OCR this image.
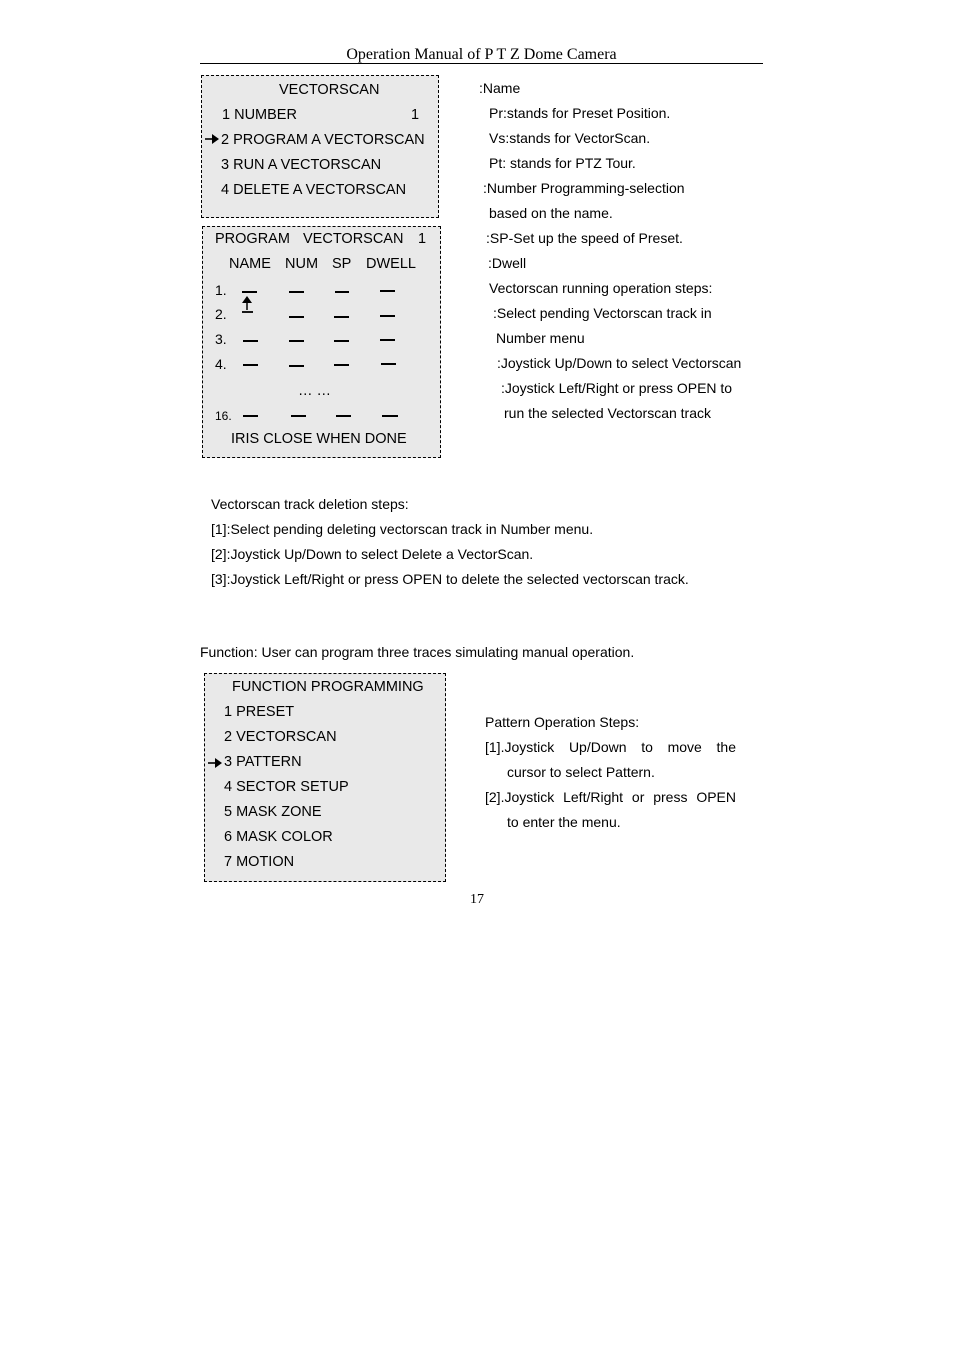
Operation Manual of P T Z Dome Camera
VECTORSCAN
1 NUMBER	1
2 PROGRAM A VECTORSCAN
3 RUN A VECTORSCAN
4 DELETE A VECTORSCAN
PROGRAM VECTORSCAN 1
NAME NUM SP DWELL
1.
2.
3.
4.
… …
16.
IRIS CLOSE WHEN DONE
:Name
Pr:stands for Preset Position.
Vs:stands for VectorScan.
Pt: stands for PTZ Tour.
:Number Programming-selection
based on the name.
:SP-Set up the speed of Preset.
:Dwell
Vectorscan running operation steps:
:Select pending Vectorscan track in
Number menu
:Joystick Up/Down to select Vectorscan
:Joystick Left/Right or press OPEN to
run the selected Vectorscan track
Vectorscan track deletion steps:
[1]:Select pending deleting vectorscan track in Number menu.
[2]:Joystick Up/Down to select Delete a VectorScan.
[3]:Joystick Left/Right or press OPEN to delete the selected vectorscan track.
Function: User can program three traces simulating manual operation.
FUNCTION PROGRAMMING
1 PRESET
2 VECTORSCAN
3 PATTERN
4 SECTOR SETUP
5 MASK ZONE
6 MASK COLOR
7 MOTION
Pattern Operation Steps:
[1].Joystick Up/Down to move the
cursor to select Pattern.
[2].Joystick Left/Right or press OPEN
to enter the menu.
17
